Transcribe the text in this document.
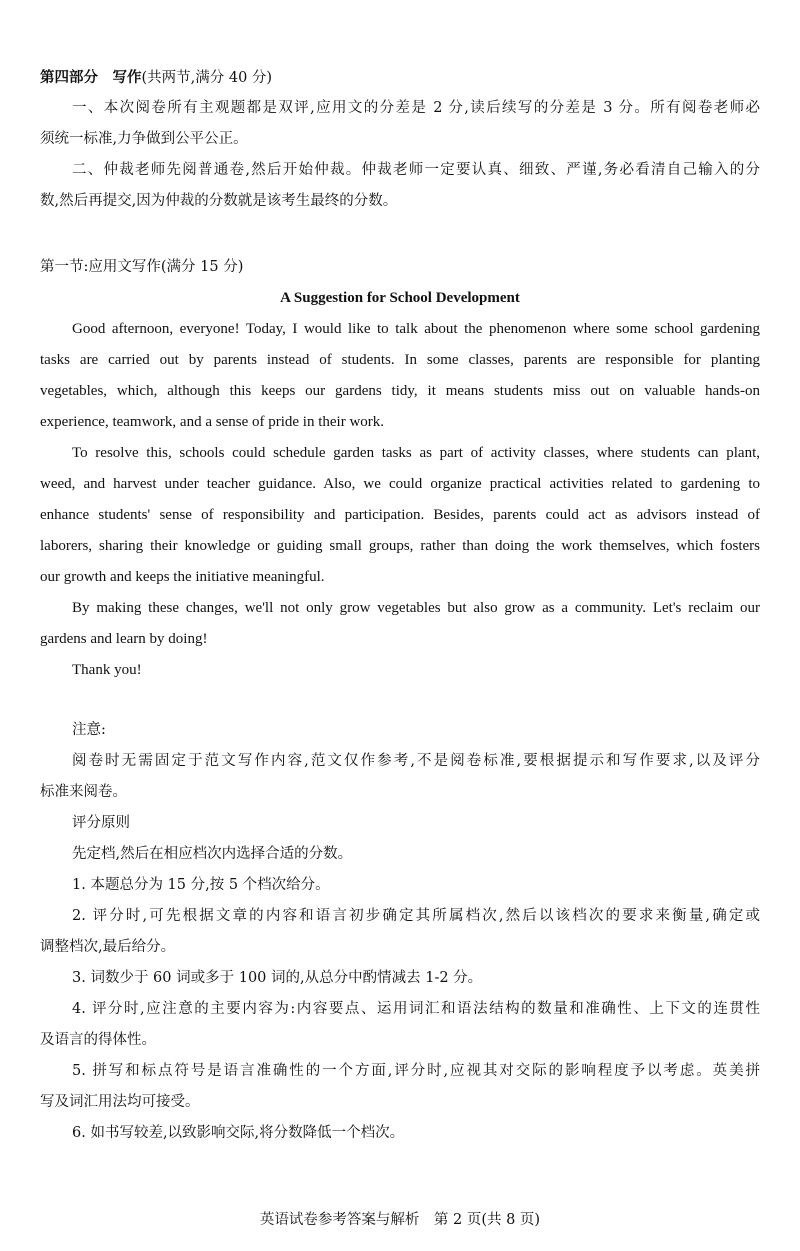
第四部分　写作(共两节,满分 40 分)
一、本次阅卷所有主观题都是双评,应用文的分差是 2 分,读后续写的分差是 3 分。所有阅卷老师必
须统一标准,力争做到公平公正。
二、仲裁老师先阅普通卷,然后开始仲裁。仲裁老师一定要认真、细致、严谨,务必看清自己输入的分
数,然后再提交,因为仲裁的分数就是该考生最终的分数。
第一节:应用文写作(满分 15 分)
A Suggestion for School Development
Good afternoon, everyone! Today, I would like to talk about the phenomenon where some school gardening
tasks are carried out by parents instead of students. In some classes, parents are responsible for planting
vegetables, which, although this keeps our gardens tidy, it means students miss out on valuable hands-on
experience, teamwork, and a sense of pride in their work.
To resolve this, schools could schedule garden tasks as part of activity classes, where students can plant,
weed, and harvest under teacher guidance. Also, we could organize practical activities related to gardening to
enhance students' sense of responsibility and participation. Besides, parents could act as advisors instead of
laborers, sharing their knowledge or guiding small groups, rather than doing the work themselves, which fosters
our growth and keeps the initiative meaningful.
By making these changes, we'll not only grow vegetables but also grow as a community. Let's reclaim our
gardens and learn by doing!
Thank you!
注意:
阅卷时无需固定于范文写作内容,范文仅作参考,不是阅卷标准,要根据提示和写作要求,以及评分
标准来阅卷。
评分原则
先定档,然后在相应档次内选择合适的分数。
1. 本题总分为 15 分,按 5 个档次给分。
2. 评分时,可先根据文章的内容和语言初步确定其所属档次,然后以该档次的要求来衡量,确定或
调整档次,最后给分。
3. 词数少于 60 词或多于 100 词的,从总分中酌情减去 1-2 分。
4. 评分时,应注意的主要内容为:内容要点、运用词汇和语法结构的数量和准确性、上下文的连贯性
及语言的得体性。
5. 拼写和标点符号是语言准确性的一个方面,评分时,应视其对交际的影响程度予以考虑。英美拼
写及词汇用法均可接受。
6. 如书写较差,以致影响交际,将分数降低一个档次。
英语试卷参考答案与解析　第 2 页(共 8 页)
